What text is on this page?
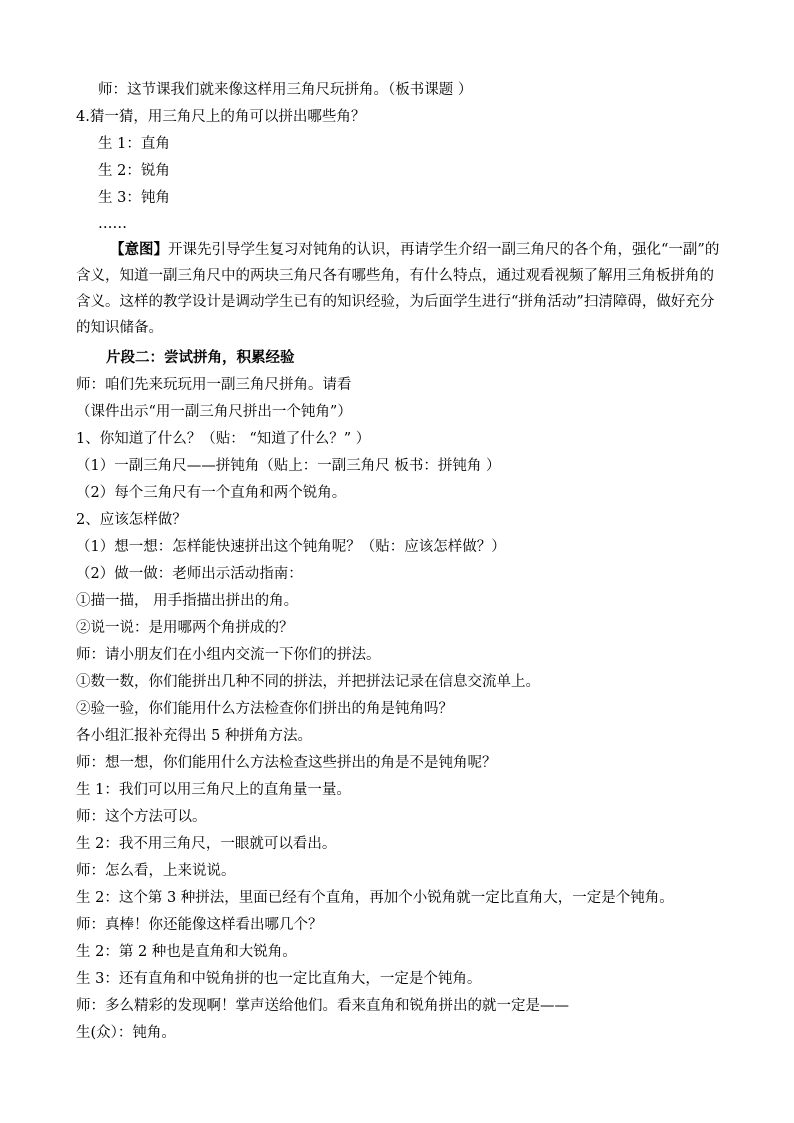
师：这节课我们就来像这样用三角尺玩拼角。（板书课题 ）
4.猜一猜，用三角尺上的角可以拼出哪些角？
生 1：直角
生 2：锐角
生 3：钝角
……
【意图】开课先引导学生复习对钝角的认识，再请学生介绍一副三角尺的各个角，强化“一副”的含义，知道一副三角尺中的两块三角尺各有哪些角，有什么特点，通过观看视频了解用三角板拼角的含义。这样的教学设计是调动学生已有的知识经验，为后面学生进行“拼角活动”扫清障碍，做好充分的知识储备。
片段二：尝试拼角，积累经验
师：咱们先来玩玩用一副三角尺拼角。请看
（课件出示“用一副三角尺拼出一个钝角”）
1、你知道了什么？（贴： “知道了什么？” ）
（1）一副三角尺——拼钝角（贴上：一副三角尺 板书：拼钝角 ）
（2）每个三角尺有一个直角和两个锐角。
2、应该怎样做？
（1）想一想：怎样能快速拼出这个钝角呢？（贴：应该怎样做？）
（2）做一做：老师出示活动指南：
①描一描， 用手指描出拼出的角。
②说一说：是用哪两个角拼成的？
师：请小朋友们在小组内交流一下你们的拼法。
①数一数，你们能拼出几种不同的拼法，并把拼法记录在信息交流单上。
②验一验，你们能用什么方法检查你们拼出的角是钝角吗？
各小组汇报补充得出 5 种拼角方法。
师：想一想，你们能用什么方法检查这些拼出的角是不是钝角呢？
生 1：我们可以用三角尺上的直角量一量。
师：这个方法可以。
生 2：我不用三角尺，一眼就可以看出。
师：怎么看，上来说说。
生 2：这个第 3 种拼法，里面已经有个直角，再加个小锐角就一定比直角大，一定是个钝角。
师：真棒！你还能像这样看出哪几个？
生 2：第 2 种也是直角和大锐角。
生 3：还有直角和中锐角拼的也一定比直角大，一定是个钝角。
师：多么精彩的发现啊！掌声送给他们。看来直角和锐角拼出的就一定是——
生(众）：钝角。
